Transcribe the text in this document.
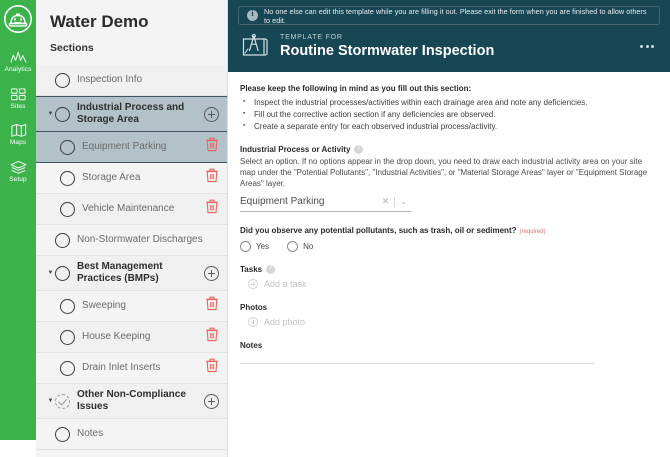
Analytics
Sites
Maps
Setup
Water Demo
Sections
Inspection Info
▼
Industrial Process and Storage Area
Equipment Parking
Storage Area
Vehicle Maintenance
Non-Stormwater Discharges
▼
Best Management Practices (BMPs)
Sweeping
House Keeping
Drain Inlet Inserts
▼
Other Non-Compliance Issues
Notes
i
No one else can edit this template while you are filling it out. Please exit the form when you are finished to allow others to edit.
TEMPLATE FOR
Routine Stormwater Inspection
Please keep the following in mind as you fill out this section:
▪ Inspect the industrial processes/activities within each drainage area and note any deficiencies.
▪ Fill out the corrective action section if any deficiencies are observed.
▪ Create a separate entry for each observed industrial process/activity.
Industrial Process or Activity
?
Select an option. If no options appear in the drop down, you need to draw each industrial activity area on your site map under the "Potential Pollutants", "Industrial Activities", or "Material Storage Areas" layer or "Equipment Storage Areas" layer.
Equipment Parking	✕	⌄
Did you observe any potential pollutants, such as trash, oil or sediment? (required)
Yes	No
Tasks
?
Add a task
Photos
Add photo
Notes
